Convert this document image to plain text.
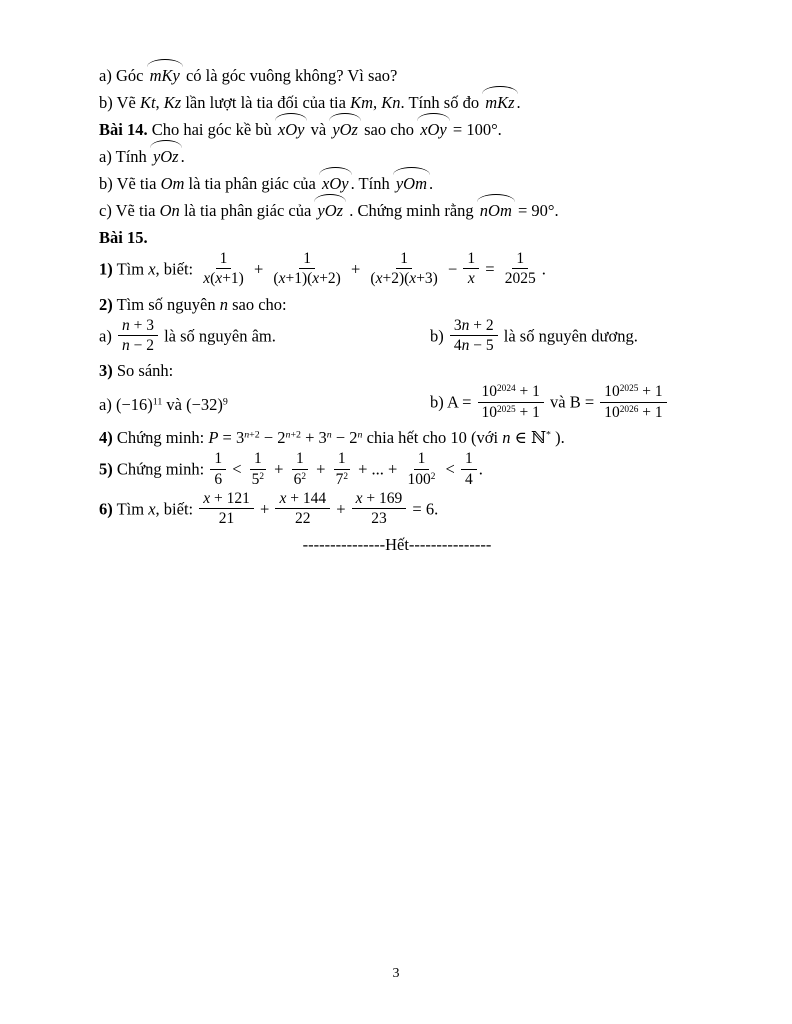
a) Góc mKy có là góc vuông không? Vì sao?
b) Vẽ Kt, Kz lần lượt là tia đối của tia Km, Kn. Tính số đo mKz .
Bài 14. Cho hai góc kề bù xOy và yOz sao cho xOy = 100°.
a) Tính yOz .
b) Vẽ tia Om là tia phân giác của xOy . Tính yOm .
c) Vẽ tia On là tia phân giác của yOz . Chứng minh rằng nOm = 90°.
Bài 15.
1) Tìm x, biết: $\frac{1}{x(x+1)} + \frac{1}{(x+1)(x+2)} + \frac{1}{(x+2)(x+3)} - \frac{1}{x} = \frac{1}{2025}$ .
2) Tìm số nguyên n sao cho:
$a) \frac{n + 3}{n - 2}$ là số nguyên âm.	$b) \frac{3n + 2}{4n - 5}$ là số nguyên dương.
3) So sánh:
a) $(-16)^{11}$ và $(-32)^9$	b) $A = \frac{10^{2024} + 1}{10^{2025} + 1}$ và $B = \frac{10^{2025} + 1}{10^{2026} + 1}$
4) Chứng minh: $P = 3^{n+2} - 2^{n+2} + 3^n - 2^n$ chia hết cho 10 (với n ∈ ℕ* ).
5) Chứng minh: $\frac{1}{6} < \frac{1}{5^2} + \frac{1}{6^2} + \frac{1}{7^2}$ + ... + $\frac{1}{100^2} < \frac{1}{4}$ .
6) Tìm x, biết: $\frac{x + 121}{21} + \frac{x + 144}{22} + \frac{x + 169}{23} = 6$.
---------------Hết---------------
3
